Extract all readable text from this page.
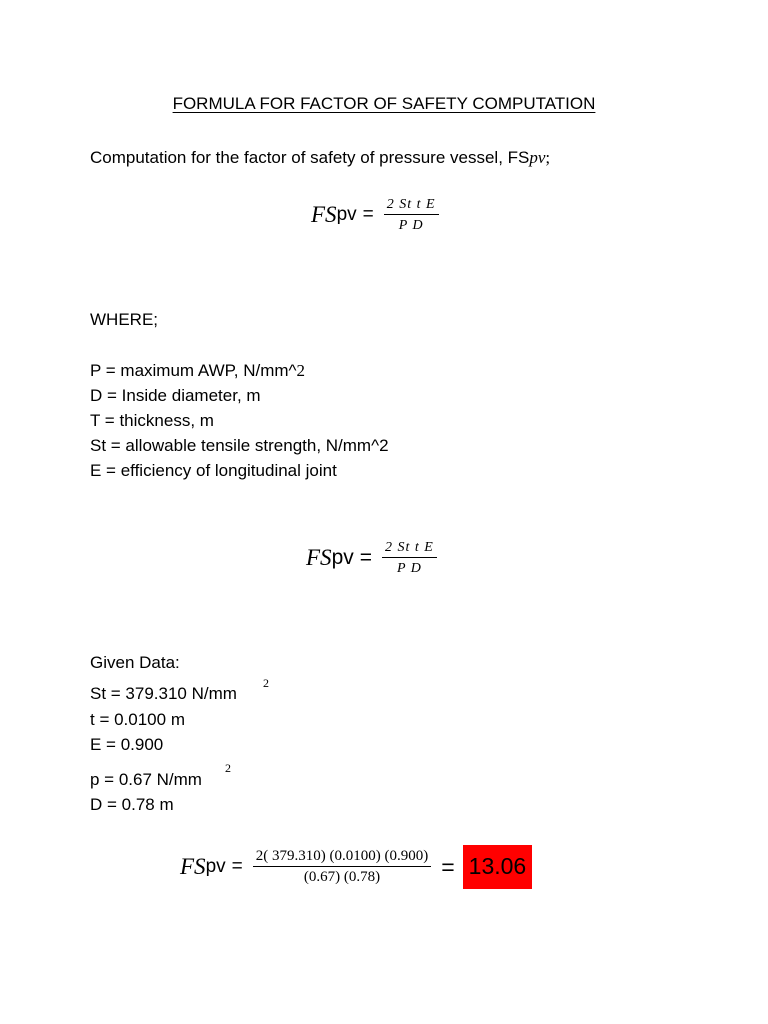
FORMULA FOR FACTOR OF SAFETY COMPUTATION
Computation for the factor of safety of pressure vessel, FSpv;
FS pv = $\frac{\text{2 St t E}}{\text{P D}}$
WHERE;
P = maximum AWP, N/mm^2
D = Inside diameter, m
T = thickness, m
St = allowable tensile strength, N/mm^2
E = efficiency of longitudinal joint
FS pv = $\frac{\text{2 St t E}}{\text{P D}}$
Given Data:
St = 379.310 N/mm
2
t = 0.0100 m
E = 0.900
p = 0.67 N/mm
2
D = 0.78 m
FS pv = $\frac{2( 379.310) (0.0100) (0.900)}{(0.67) (0.78)} = 13.06$
